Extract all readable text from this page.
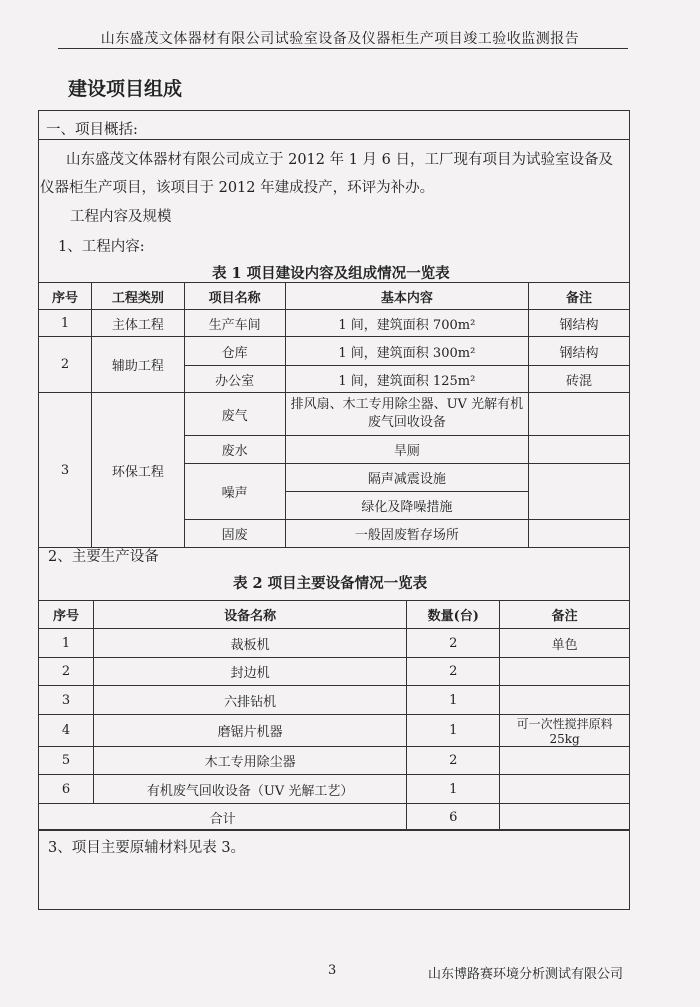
山东盛茂文体器材有限公司试验室设备及仪器柜生产项目竣工验收监测报告
建设项目组成
一、项目概括:
山东盛茂文体器材有限公司成立于 2012 年 1 月 6 日，工厂现有项目为试验室设备及
仪器柜生产项目，该项目于 2012 年建成投产，环评为补办。
工程内容及规模
1、工程内容:
表 1 项目建设内容及组成情况一览表
序号	工程类别	项目名称	基本内容	备注
1	主体工程	生产车间	1 间，建筑面积 700m²	钢结构
2	辅助工程	仓库	1 间，建筑面积 300m²	钢结构
		办公室	1 间，建筑面积 125m²	砖混
3	环保工程	废气	排风扇、木工专用除尘器、UV 光解有机废气回收设备	
		废水	旱厕	
		噪声	隔声减震设施	
			绿化及降噪措施	
		固废	一般固废暂存场所	
2、主要生产设备
表 2 项目主要设备情况一览表
序号	设备名称	数量(台)	备注
1	裁板机	2	单色
2	封边机	2	
3	六排钻机	1	
4	磨锯片机器	1	可一次性搅拌原料 25kg
5	木工专用除尘器	2	
6	有机废气回收设备（UV 光解工艺）	1	
合计		6	
3、项目主要原辅材料见表 3。
3	山东博路赛环境分析测试有限公司
